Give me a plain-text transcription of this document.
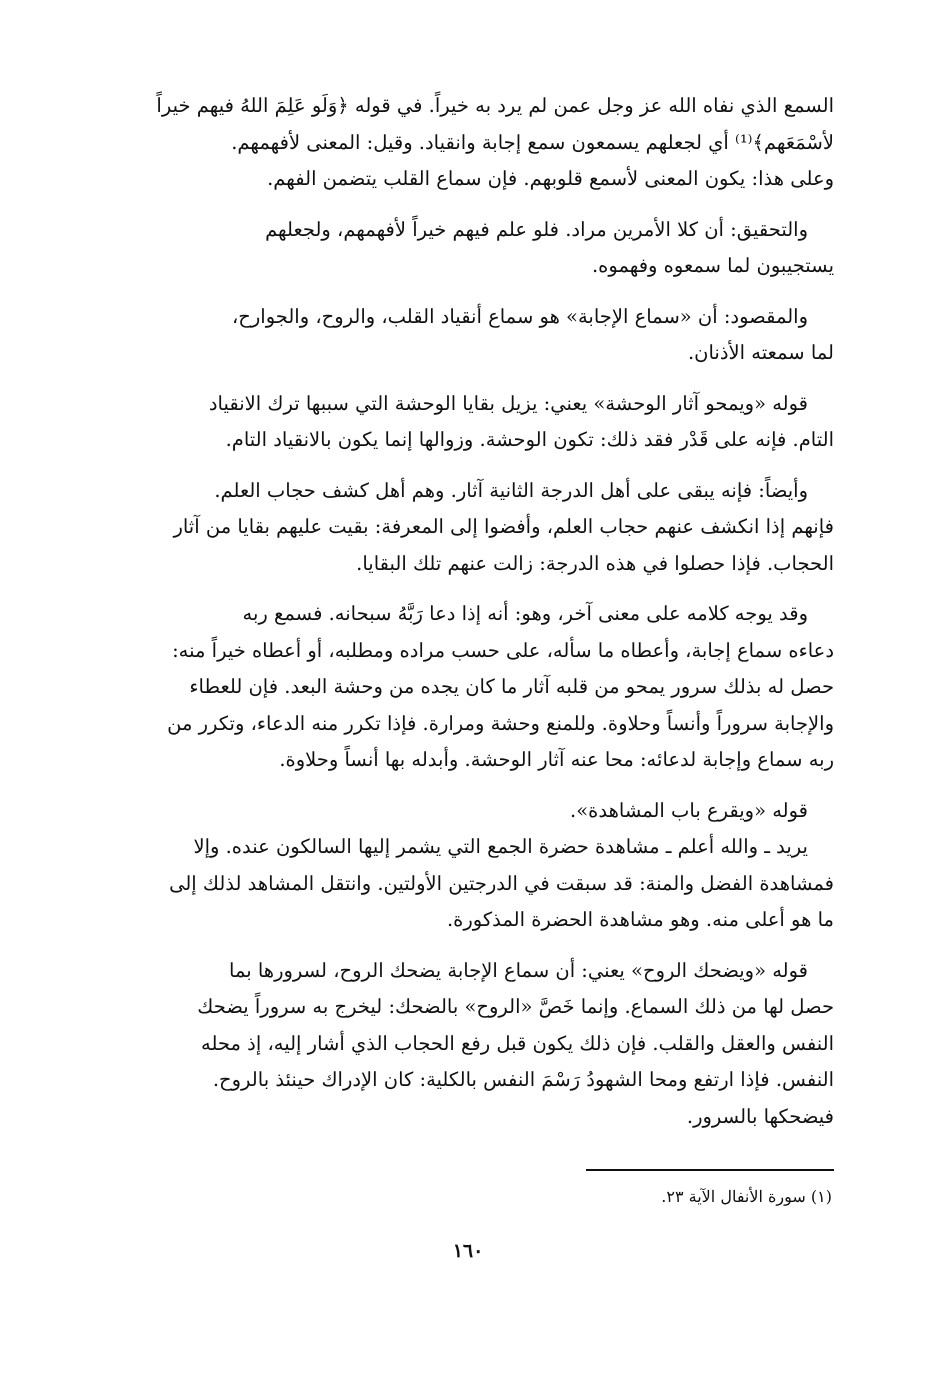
السمع الذي نفاه الله عز وجل عمن لم يرد به خيراً. في قوله ﴿وَلَو عَلِمَ اللهُ فيهم خيراً
لأسْمَعَهم﴾⁽¹⁾ أي لجعلهم يسمعون سمع إجابة وانقياد. وقيل: المعنى لأفهمهم.
وعلى هذا: يكون المعنى لأسمع قلوبهم. فإن سماع القلب يتضمن الفهم.

والتحقيق: أن كلا الأمرين مراد. فلو علم فيهم خيراً لأفهمهم، ولجعلهم
يستجيبون لما سمعوه وفهموه.

والمقصود: أن «سماع الإجابة» هو سماع أنقياد القلب، والروح، والجوارح،
لما سمعته الأذنان.

قوله «ويمحو آثار الوحشة» يعني: يزيل بقايا الوحشة التي سببها ترك الانقياد
التام. فإنه على قَدْر فقد ذلك: تكون الوحشة. وزوالها إنما يكون بالانقياد التام.

وأيضاً: فإنه يبقى على أهل الدرجة الثانية آثار. وهم أهل كشف حجاب العلم.
فإنهم إذا انكشف عنهم حجاب العلم، وأفضوا إلى المعرفة: بقيت عليهم بقايا من آثار
الحجاب. فإذا حصلوا في هذه الدرجة: زالت عنهم تلك البقايا.

وقد يوجه كلامه على معنى آخر، وهو: أنه إذا دعا رَبَّهُ سبحانه. فسمع ربه
دعاءه سماع إجابة، وأعطاه ما سأله، على حسب مراده ومطلبه، أو أعطاه خيراً منه:
حصل له بذلك سرور يمحو من قلبه آثار ما كان يجده من وحشة البعد. فإن للعطاء
والإجابة سروراً وأنساً وحلاوة. وللمنع وحشة ومرارة. فإذا تكرر منه الدعاء، وتكرر من
ربه سماع وإجابة لدعائه: محا عنه آثار الوحشة. وأبدله بها أنساً وحلاوة.

قوله «ويقرع باب المشاهدة».

يريد ـ والله أعلم ـ مشاهدة حضرة الجمع التي يشمر إليها السالكون عنده. وإلا
فمشاهدة الفضل والمنة: قد سبقت في الدرجتين الأولتين. وانتقل المشاهد لذلك إلى
ما هو أعلى منه. وهو مشاهدة الحضرة المذكورة.

قوله «ويضحك الروح» يعني: أن سماع الإجابة يضحك الروح، لسرورها بما
حصل لها من ذلك السماع. وإنما خَصَّ «الروح» بالضحك: ليخرج به سروراً يضحك
النفس والعقل والقلب. فإن ذلك يكون قبل رفع الحجاب الذي أشار إليه، إذ محله
النفس. فإذا ارتفع ومحا الشهودُ رَسْمَ النفس بالكلية: كان الإدراك حينئذ بالروح.
فيضحكها بالسرور.

(١) سورة الأنفال الآية ٢٣.
١٦٠
